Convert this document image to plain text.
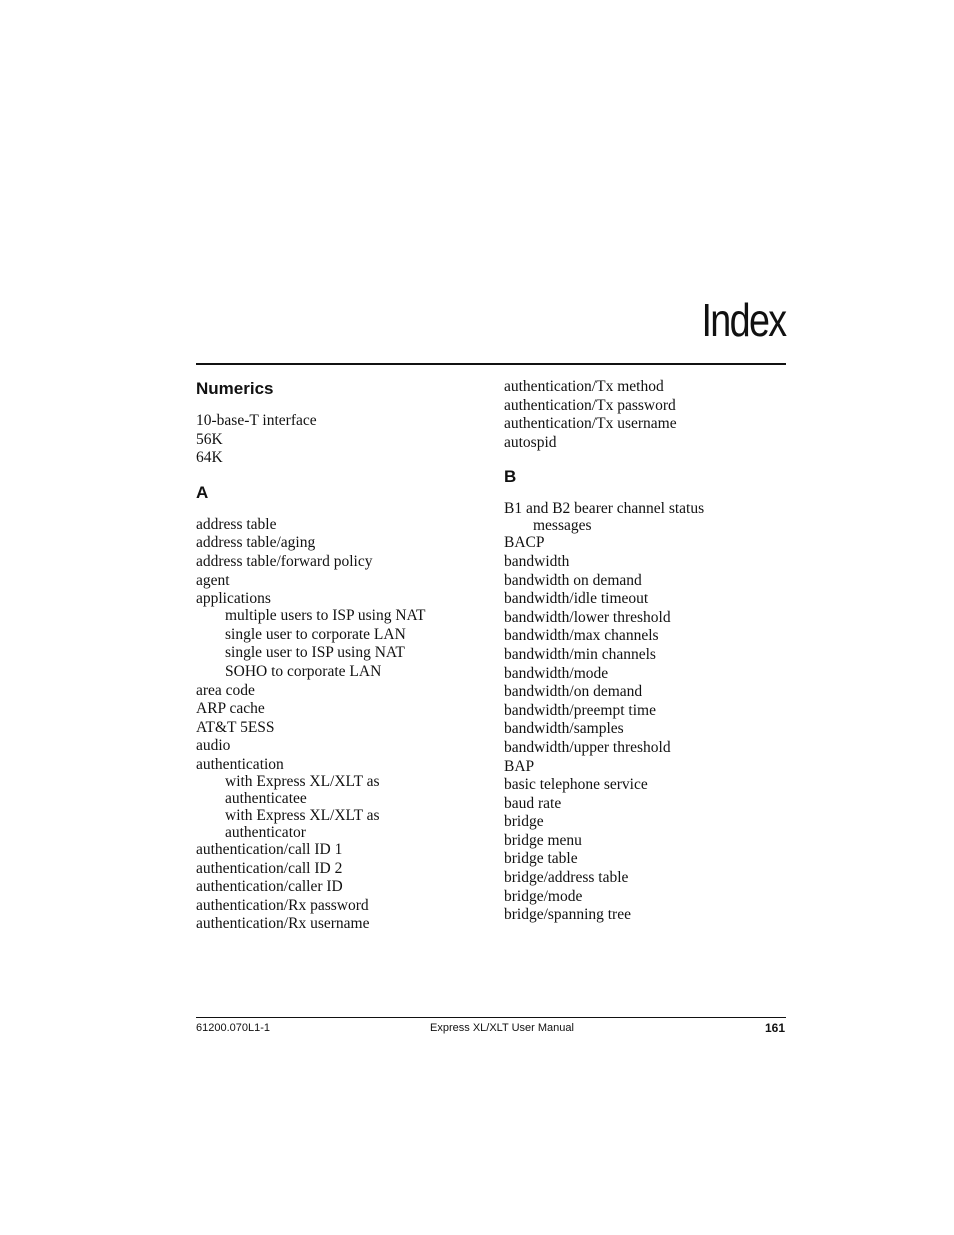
Index
Numerics
10-base-T interface
56K
64K
A
address table
address table/aging
address table/forward policy
agent
applications
multiple users to ISP using NAT
single user to corporate LAN
single user to ISP using NAT
SOHO to corporate LAN
area code
ARP cache
AT&T 5ESS
audio
authentication
with Express XL/XLT as
authenticatee
with Express XL/XLT as
authenticator
authentication/call ID 1
authentication/call ID 2
authentication/caller ID
authentication/Rx password
authentication/Rx username
authentication/Tx method
authentication/Tx password
authentication/Tx username
autospid
B
B1 and B2 bearer channel status
messages
BACP
bandwidth
bandwidth on demand
bandwidth/idle timeout
bandwidth/lower threshold
bandwidth/max channels
bandwidth/min channels
bandwidth/mode
bandwidth/on demand
bandwidth/preempt time
bandwidth/samples
bandwidth/upper threshold
BAP
basic telephone service
baud rate
bridge
bridge menu
bridge table
bridge/address table
bridge/mode
bridge/spanning tree
61200.070L1-1	Express XL/XLT User Manual	161
